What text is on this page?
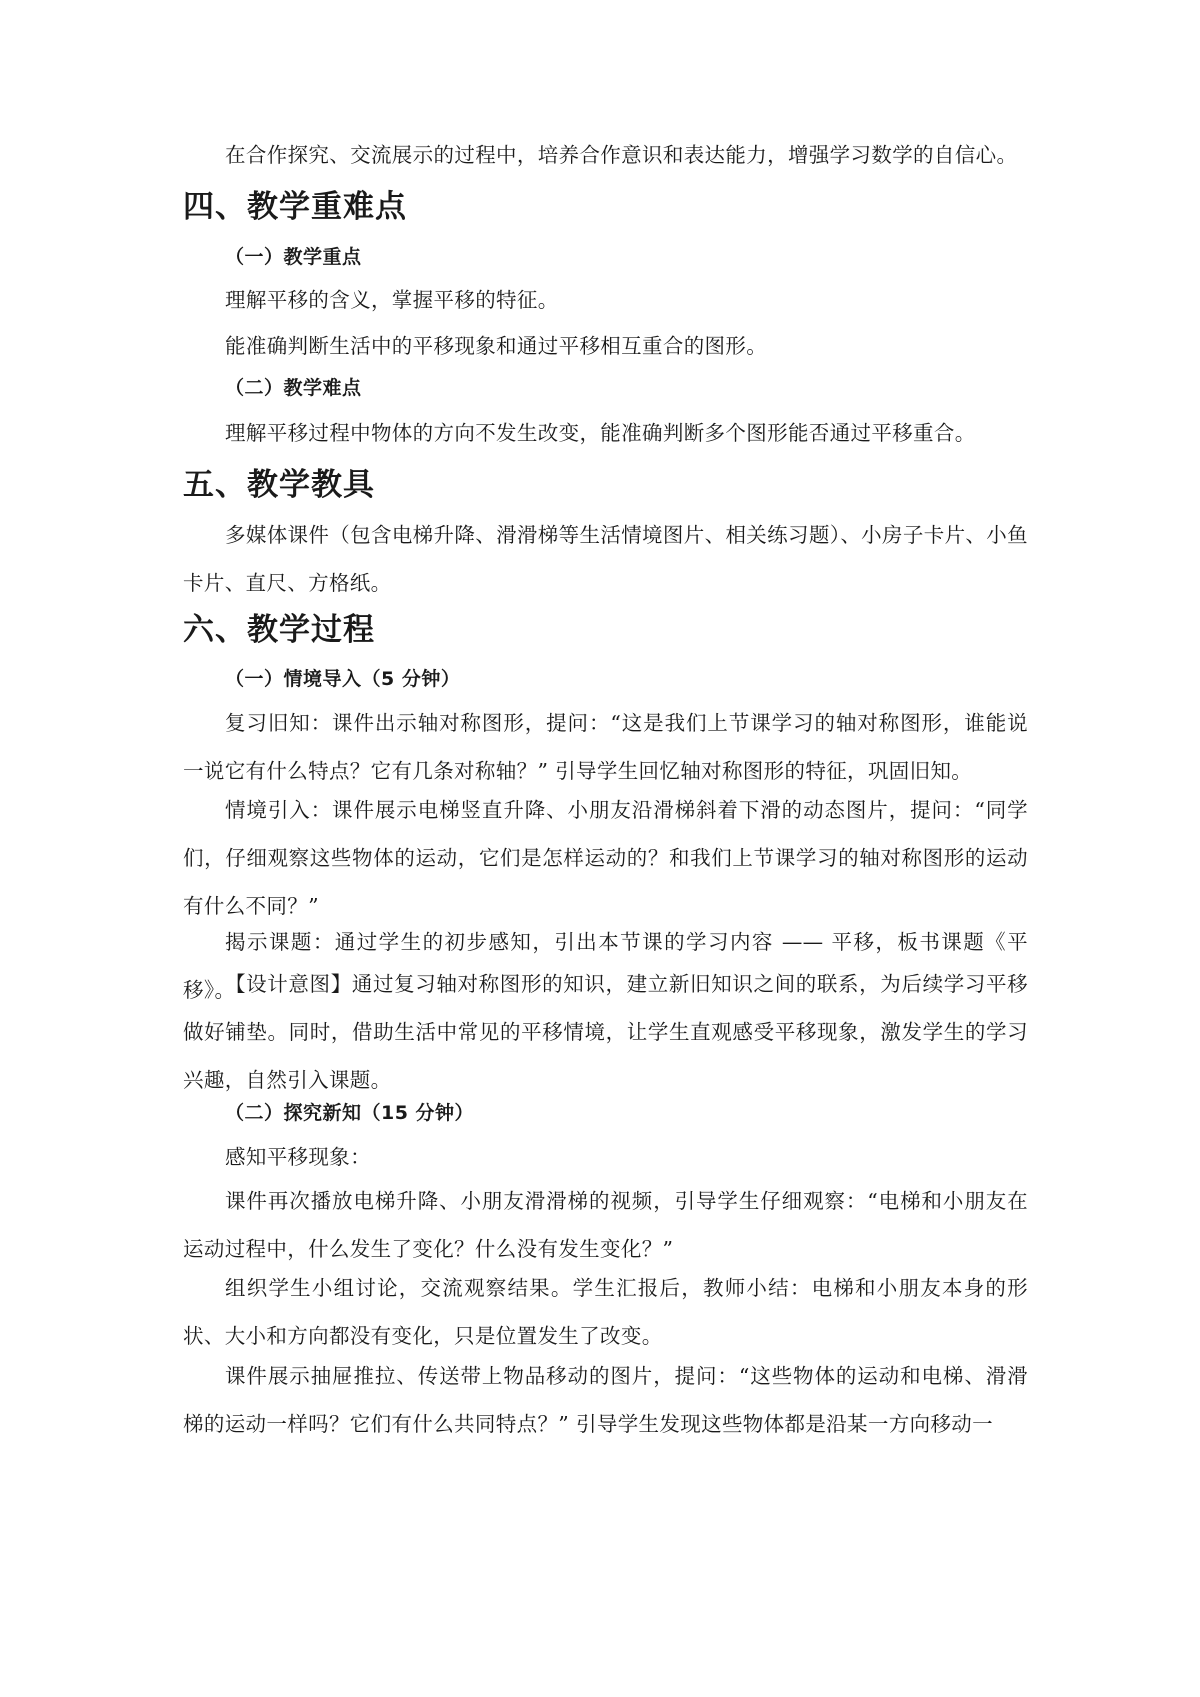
在合作探究、交流展示的过程中，培养合作意识和表达能力，增强学习数学的自信心。

四、教学重难点
（一）教学重点

理解平移的含义，掌握平移的特征。

能准确判断生活中的平移现象和通过平移相互重合的图形。

（二）教学难点

理解平移过程中物体的方向不发生改变，能准确判断多个图形能否通过平移重合。

五、教学教具

多媒体课件（包含电梯升降、滑滑梯等生活情境图片、相关练习题）、小房子卡片、小鱼卡片、直尺、方格纸。

六、教学过程
（一）情境导入（5 分钟）

复习旧知：课件出示轴对称图形，提问：“这是我们上节课学习的轴对称图形，谁能说一说它有什么特点？它有几条对称轴？” 引导学生回忆轴对称图形的特征，巩固旧知。

情境引入：课件展示电梯竖直升降、小朋友沿滑梯斜着下滑的动态图片，提问：“同学们，仔细观察这些物体的运动，它们是怎样运动的？和我们上节课学习的轴对称图形的运动有什么不同？”

揭示课题：通过学生的初步感知，引出本节课的学习内容 —— 平移，板书课题《平移》。

【设计意图】通过复习轴对称图形的知识，建立新旧知识之间的联系，为后续学习平移做好铺垫。同时，借助生活中常见的平移情境，让学生直观感受平移现象，激发学生的学习兴趣，自然引入课题。

（二）探究新知（15 分钟）

感知平移现象：

课件再次播放电梯升降、小朋友滑滑梯的视频，引导学生仔细观察：“电梯和小朋友在运动过程中，什么发生了变化？什么没有发生变化？”

组织学生小组讨论，交流观察结果。学生汇报后，教师小结：电梯和小朋友本身的形状、大小和方向都没有变化，只是位置发生了改变。

课件展示抽屉推拉、传送带上物品移动的图片，提问：“这些物体的运动和电梯、滑滑梯的运动一样吗？它们有什么共同特点？” 引导学生发现这些物体都是沿某一方向移动一
